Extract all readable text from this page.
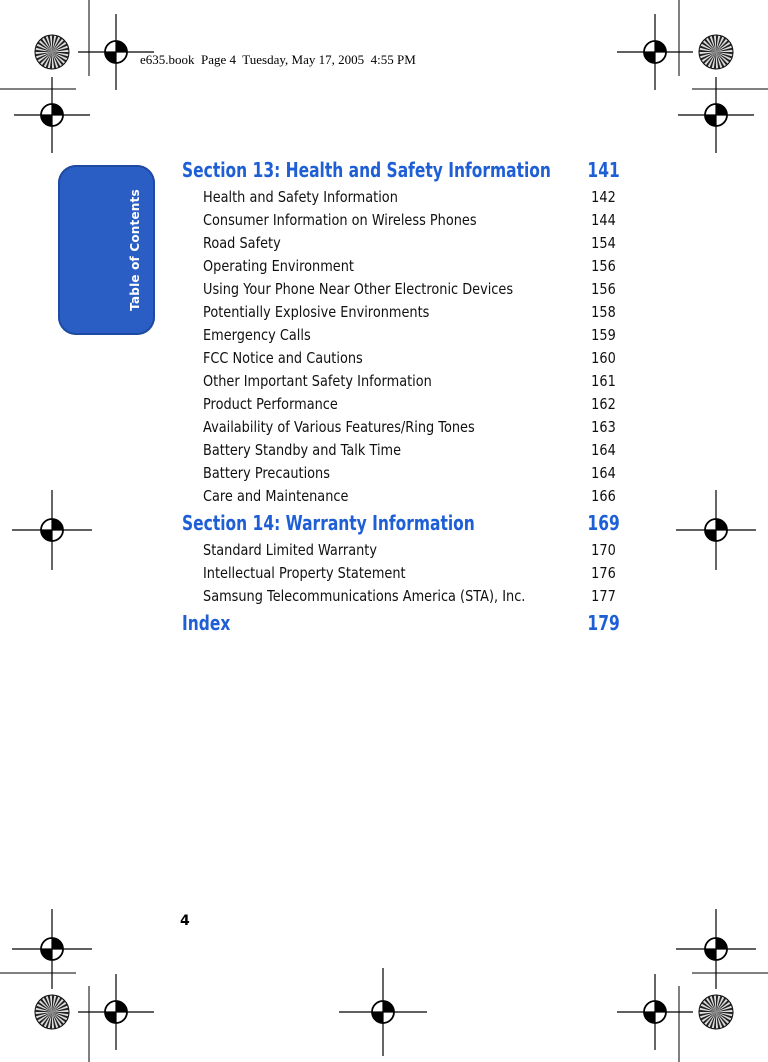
e635.book  Page 4  Tuesday, May 17, 2005  4:55 PM
Table of Contents
Section 13: Health and Safety Information 141
Health and Safety Information	142
Consumer Information on Wireless Phones	144
Road Safety	154
Operating Environment	156
Using Your Phone Near Other Electronic Devices	156
Potentially Explosive Environments	158
Emergency Calls	159
FCC Notice and Cautions	160
Other Important Safety Information	161
Product Performance	162
Availability of Various Features/Ring Tones	163
Battery Standby and Talk Time	164
Battery Precautions	164
Care and Maintenance	166
Section 14: Warranty Information	169
Standard Limited Warranty	170
Intellectual Property Statement	176
Samsung Telecommunications America (STA), Inc.	177
Index	179
4
